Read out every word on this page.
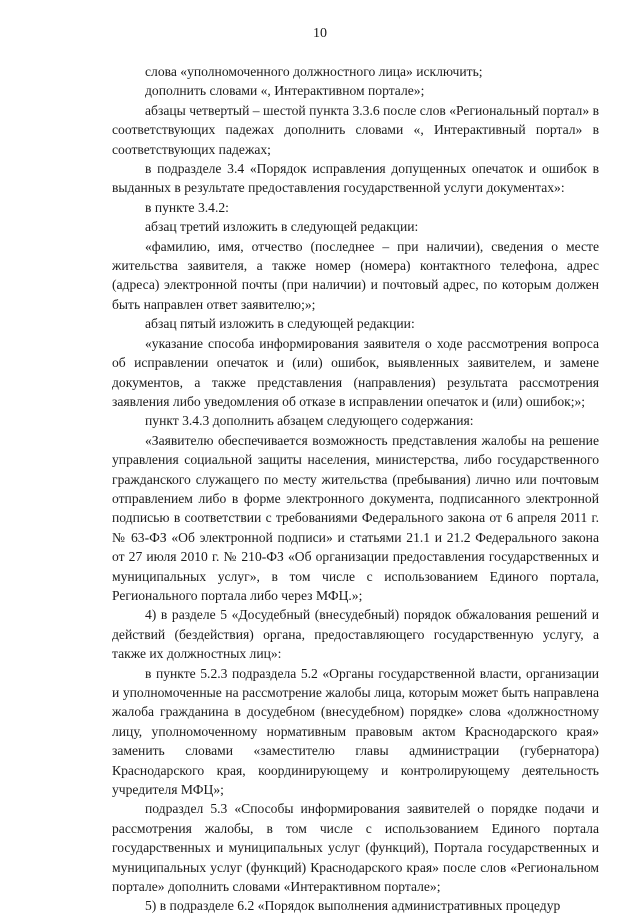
10

слова «уполномоченного должностного лица» исключить;

дополнить словами «, Интерактивном портале»;

абзацы четвертый – шестой пункта 3.3.6 после слов «Региональный портал» в соответствующих падежах дополнить словами «, Интерактивный портал» в соответствующих падежах;

в подразделе 3.4 «Порядок исправления допущенных опечаток и ошибок в выданных в результате предоставления государственной услуги документах»:

в пункте 3.4.2:

абзац третий изложить в следующей редакции:

«фамилию, имя, отчество (последнее – при наличии), сведения о месте жительства заявителя, а также номер (номера) контактного телефона, адрес (адреса) электронной почты (при наличии) и почтовый адрес, по которым должен быть направлен ответ заявителю;»;

абзац пятый изложить в следующей редакции:

«указание способа информирования заявителя о ходе рассмотрения вопроса об исправлении опечаток и (или) ошибок, выявленных заявителем, и замене документов, а также представления (направления) результата рассмотрения заявления либо уведомления об отказе в исправлении опечаток и (или) ошибок;»;

пункт 3.4.3 дополнить абзацем следующего содержания:

«Заявителю обеспечивается возможность представления жалобы на решение управления социальной защиты населения, министерства, либо государственного гражданского служащего по месту жительства (пребывания) лично или почтовым отправлением либо в форме электронного документа, подписанного электронной подписью в соответствии с требованиями Федерального закона от 6 апреля 2011 г. № 63-ФЗ «Об электронной подписи» и статьями 21.1 и 21.2 Федерального закона от 27 июля 2010 г. № 210-ФЗ «Об организации предоставления государственных и муниципальных услуг», в том числе с использованием Единого портала, Регионального портала либо через МФЦ.»;

4) в разделе 5 «Досудебный (внесудебный) порядок обжалования решений и действий (бездействия) органа, предоставляющего государственную услугу, а также их должностных лиц»:

в пункте 5.2.3 подраздела 5.2 «Органы государственной власти, организации и уполномоченные на рассмотрение жалобы лица, которым может быть направлена жалоба гражданина в досудебном (внесудебном) порядке» слова «должностному лицу, уполномоченному нормативным правовым актом Краснодарского края» заменить словами «заместителю главы администрации (губернатора) Краснодарского края, координирующему и контролирующему деятельность учредителя МФЦ»;

подраздел 5.3 «Способы информирования заявителей о порядке подачи и рассмотрения жалобы, в том числе с использованием Единого портала государственных и муниципальных услуг (функций), Портала государственных и муниципальных услуг (функций) Краснодарского края» после слов «Региональном портале» дополнить словами «Интерактивном портале»;

5) в подразделе 6.2 «Порядок выполнения административных процедур
